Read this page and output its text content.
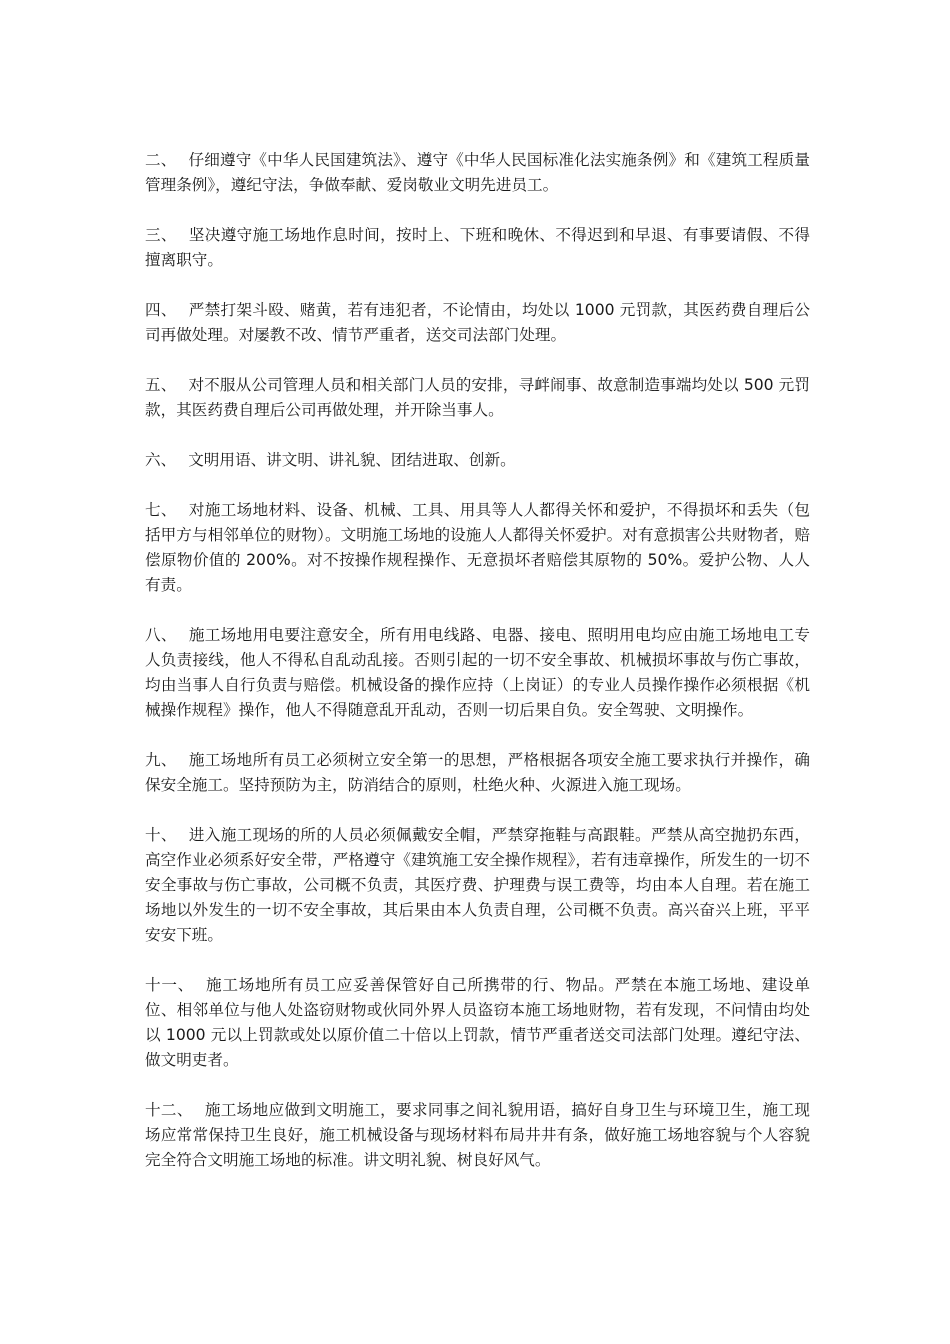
二、 仔细遵守《中华人民国建筑法》、遵守《中华人民国标准化法实施条例》和《建筑工程质量管理条例》，遵纪守法，争做奉献、爱岗敬业文明先进员工。

三、 坚决遵守施工场地作息时间，按时上、下班和晚休、不得迟到和早退、有事要请假、不得擅离职守。

四、 严禁打架斗殴、赌黄，若有违犯者，不论情由，均处以 1000 元罚款，其医药费自理后公司再做处理。对屡教不改、情节严重者，送交司法部门处理。

五、 对不服从公司管理人员和相关部门人员的安排，寻衅闹事、故意制造事端均处以 500 元罚款，其医药费自理后公司再做处理，并开除当事人。

六、 文明用语、讲文明、讲礼貌、团结进取、创新。

七、 对施工场地材料、设备、机械、工具、用具等人人都得关怀和爱护，不得损坏和丢失（包括甲方与相邻单位的财物）。文明施工场地的设施人人都得关怀爱护。对有意损害公共财物者，赔偿原物价值的 200%。对不按操作规程操作、无意损坏者赔偿其原物的 50%。爱护公物、人人有责。

八、 施工场地用电要注意安全，所有用电线路、电器、接电、照明用电均应由施工场地电工专人负责接线，他人不得私自乱动乱接。否则引起的一切不安全事故、机械损坏事故与伤亡事故，均由当事人自行负责与赔偿。机械设备的操作应持（上岗证）的专业人员操作操作必须根据《机械操作规程》操作，他人不得随意乱开乱动，否则一切后果自负。安全驾驶、文明操作。

九、 施工场地所有员工必须树立安全第一的思想，严格根据各项安全施工要求执行并操作，确保安全施工。坚持预防为主，防消结合的原则，杜绝火种、火源进入施工现场。

十、 进入施工现场的所的人员必须佩戴安全帽，严禁穿拖鞋与高跟鞋。严禁从高空抛扔东西，高空作业必须系好安全带，严格遵守《建筑施工安全操作规程》，若有违章操作，所发生的一切不安全事故与伤亡事故，公司概不负责，其医疗费、护理费与误工费等，均由本人自理。若在施工场地以外发生的一切不安全事故，其后果由本人负责自理，公司概不负责。高兴奋兴上班，平平安安下班。

十一、 施工场地所有员工应妥善保管好自己所携带的行、物品。严禁在本施工场地、建设单位、相邻单位与他人处盗窃财物或伙同外界人员盗窃本施工场地财物，若有发现，不问情由均处以 1000 元以上罚款或处以原价值二十倍以上罚款，情节严重者送交司法部门处理。遵纪守法、做文明吏者。

十二、 施工场地应做到文明施工，要求同事之间礼貌用语，搞好自身卫生与环境卫生，施工现场应常常保持卫生良好，施工机械设备与现场材料布局井井有条，做好施工场地容貌与个人容貌完全符合文明施工场地的标准。讲文明礼貌、树良好风气。
